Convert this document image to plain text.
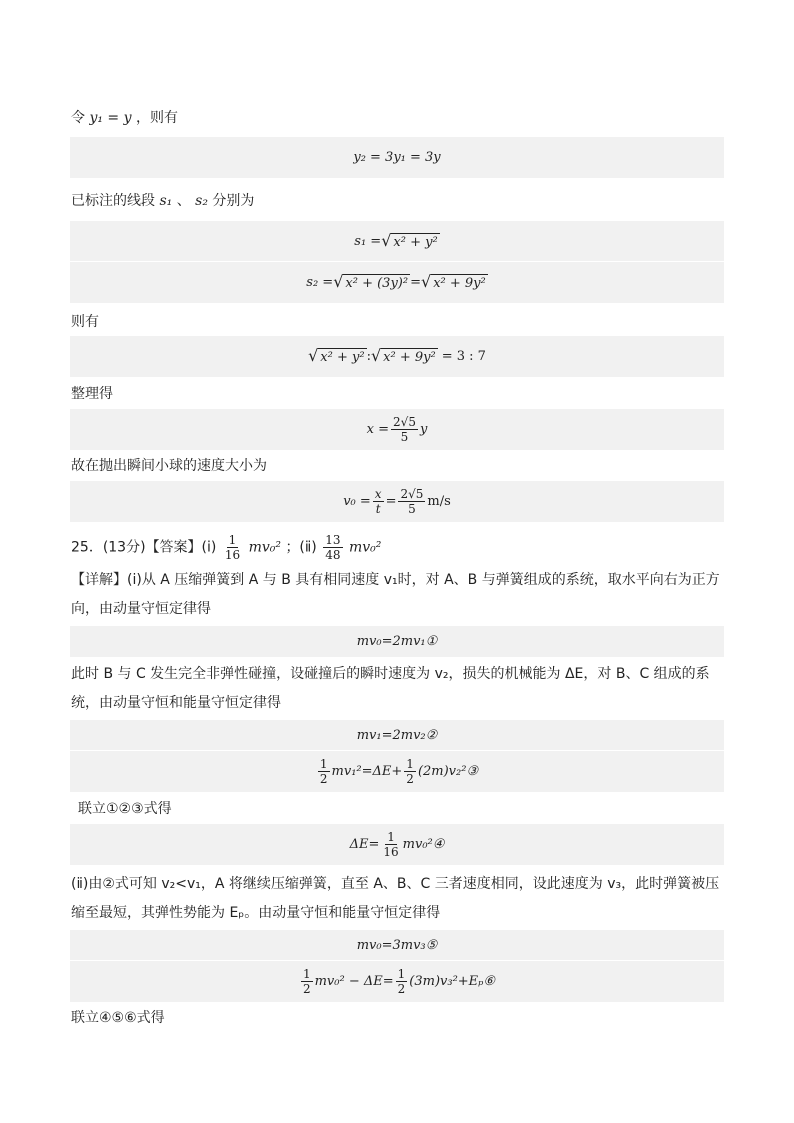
令 y₁ = y ，则有
y₂ = 3y₁ = 3y
已标注的线段 s₁ 、 s₂ 分别为
s₁ = √ x² + y²
s₂ = √ x² + (3y)² = √ x² + 9y²
则有
√ x² + y² : √ x² + 9y² = 3 : 7
整理得
$x = \frac{2√5}{5}$ y
故在抛出瞬间小球的速度大小为
$v_0 = \frac{x}{t} = \frac{2√5}{5} m/s$
25．(13分)【答案】(ⅰ) $\frac{1}{16} mv_0^2$ ；(ⅱ) $\frac{13}{48} mv_0^2$
【详解】(ⅰ)从 A 压缩弹簧到 A 与 B 具有相同速度 v₁时，对 A、B 与弹簧组成的系统，取水平向右为正方向，由动量守恒定律得
mv₀=2mv₁①
此时 B 与 C 发生完全非弹性碰撞，设碰撞后的瞬时速度为 v₂，损失的机械能为 ΔE，对 B、C 组成的系统，由动量守恒和能量守恒定律得
mv₁=2mv₂②
$\frac{1}{2} mv_1^2=\Delta E+ \frac{1}{2}$ (2m)v₂²③
联立①②③式得
$\Delta E= \frac{1}{16}$ mv₀²④
(ⅱ)由②式可知 v₂<v₁，A 将继续压缩弹簧，直至 A、B、C 三者速度相同，设此速度为 v₃，此时弹簧被压缩至最短，其弹性势能为 Eₚ。由动量守恒和能量守恒定律得
mv₀=3mv₃⑤
$\frac{1}{2} mv_0^2 - \Delta E= \frac{1}{2}$ (3m)v₃²+Eₚ⑥
联立④⑤⑥式得
